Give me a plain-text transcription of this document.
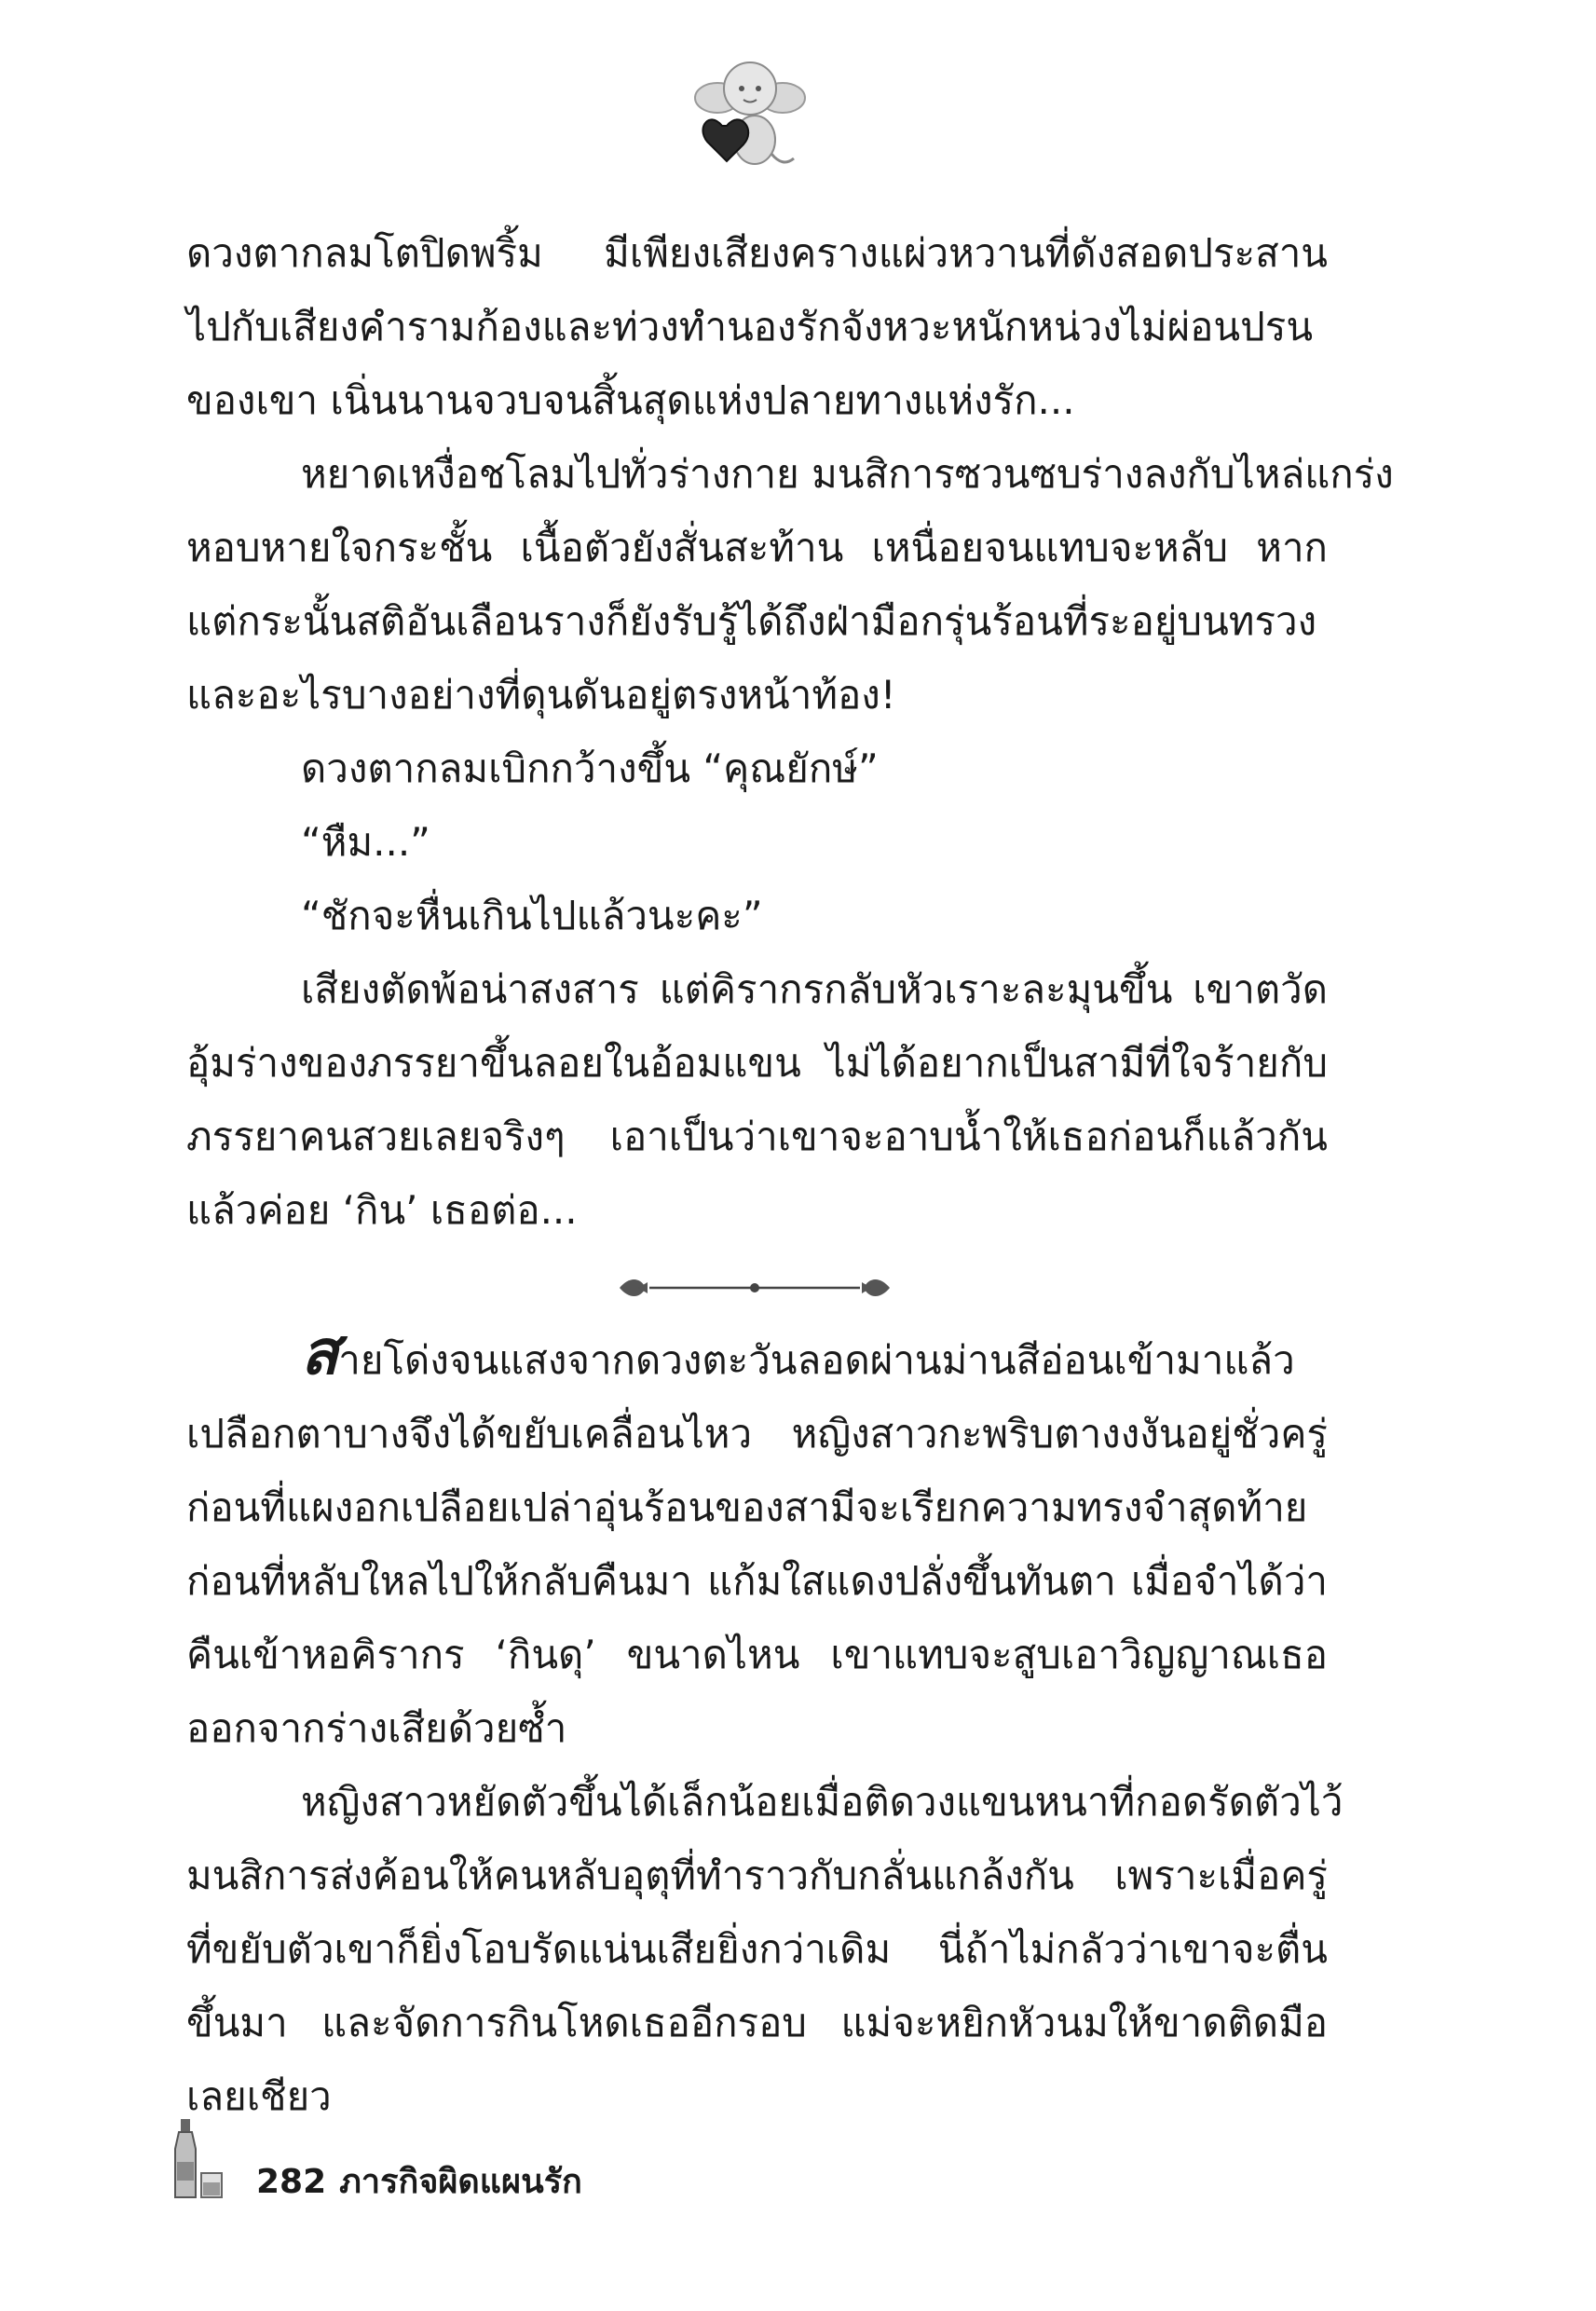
ดวงตากลมโตปิดพริ้ม มีเพียงเสียงครางแผ่วหวานที่ดังสอดประสาน
ไปกับเสียงคำรามก้องและท่วงทำนองรักจังหวะหนักหน่วงไม่ผ่อนปรน
ของเขา เนิ่นนานจวบจนสิ้นสุดแห่งปลายทางแห่งรัก...
หยาดเหงื่อชโลมไปทั่วร่างกาย มนสิการซวนซบร่างลงกับไหล่แกร่ง
หอบหายใจกระชั้น เนื้อตัวยังสั่นสะท้าน เหนื่อยจนแทบจะหลับ หาก
แต่กระนั้นสติอันเลือนรางก็ยังรับรู้ได้ถึงฝ่ามือกรุ่นร้อนที่ระอยู่บนทรวง
และอะไรบางอย่างที่ดุนดันอยู่ตรงหน้าท้อง!
ดวงตากลมเบิกกว้างขึ้น “คุณยักษ์”
“หืม...”
“ชักจะหื่นเกินไปแล้วนะคะ”
เสียงตัดพ้อน่าสงสาร แต่คิรากรกลับหัวเราะละมุนขึ้น เขาตวัด
อุ้มร่างของภรรยาขึ้นลอยในอ้อมแขน ไม่ได้อยากเป็นสามีที่ใจร้ายกับ
ภรรยาคนสวยเลยจริงๆ เอาเป็นว่าเขาจะอาบน้ำให้เธอก่อนก็แล้วกัน
แล้วค่อย ‘กิน’ เธอต่อ...
สายโด่งจนแสงจากดวงตะวันลอดผ่านม่านสีอ่อนเข้ามาแล้ว
เปลือกตาบางจึงได้ขยับเคลื่อนไหว หญิงสาวกะพริบตางงงันอยู่ชั่วครู่
ก่อนที่แผงอกเปลือยเปล่าอุ่นร้อนของสามีจะเรียกความทรงจำสุดท้าย
ก่อนที่หลับใหลไปให้กลับคืนมา แก้มใสแดงปลั่งขึ้นทันตา เมื่อจำได้ว่า
คืนเข้าหอคิรากร ‘กินดุ’ ขนาดไหน เขาแทบจะสูบเอาวิญญาณเธอ
ออกจากร่างเสียด้วยซ้ำ
หญิงสาวหยัดตัวขึ้นได้เล็กน้อยเมื่อติดวงแขนหนาที่กอดรัดตัวไว้
มนสิการส่งค้อนให้คนหลับอุตุที่ทำราวกับกลั่นแกล้งกัน เพราะเมื่อครู่
ที่ขยับตัวเขาก็ยิ่งโอบรัดแน่นเสียยิ่งกว่าเดิม นี่ถ้าไม่กลัวว่าเขาจะตื่น
ขึ้นมา และจัดการกินโหดเธออีกรอบ แม่จะหยิกหัวนมให้ขาดติดมือ
เลยเชียว
282 ภารกิจผิดแผนรัก
